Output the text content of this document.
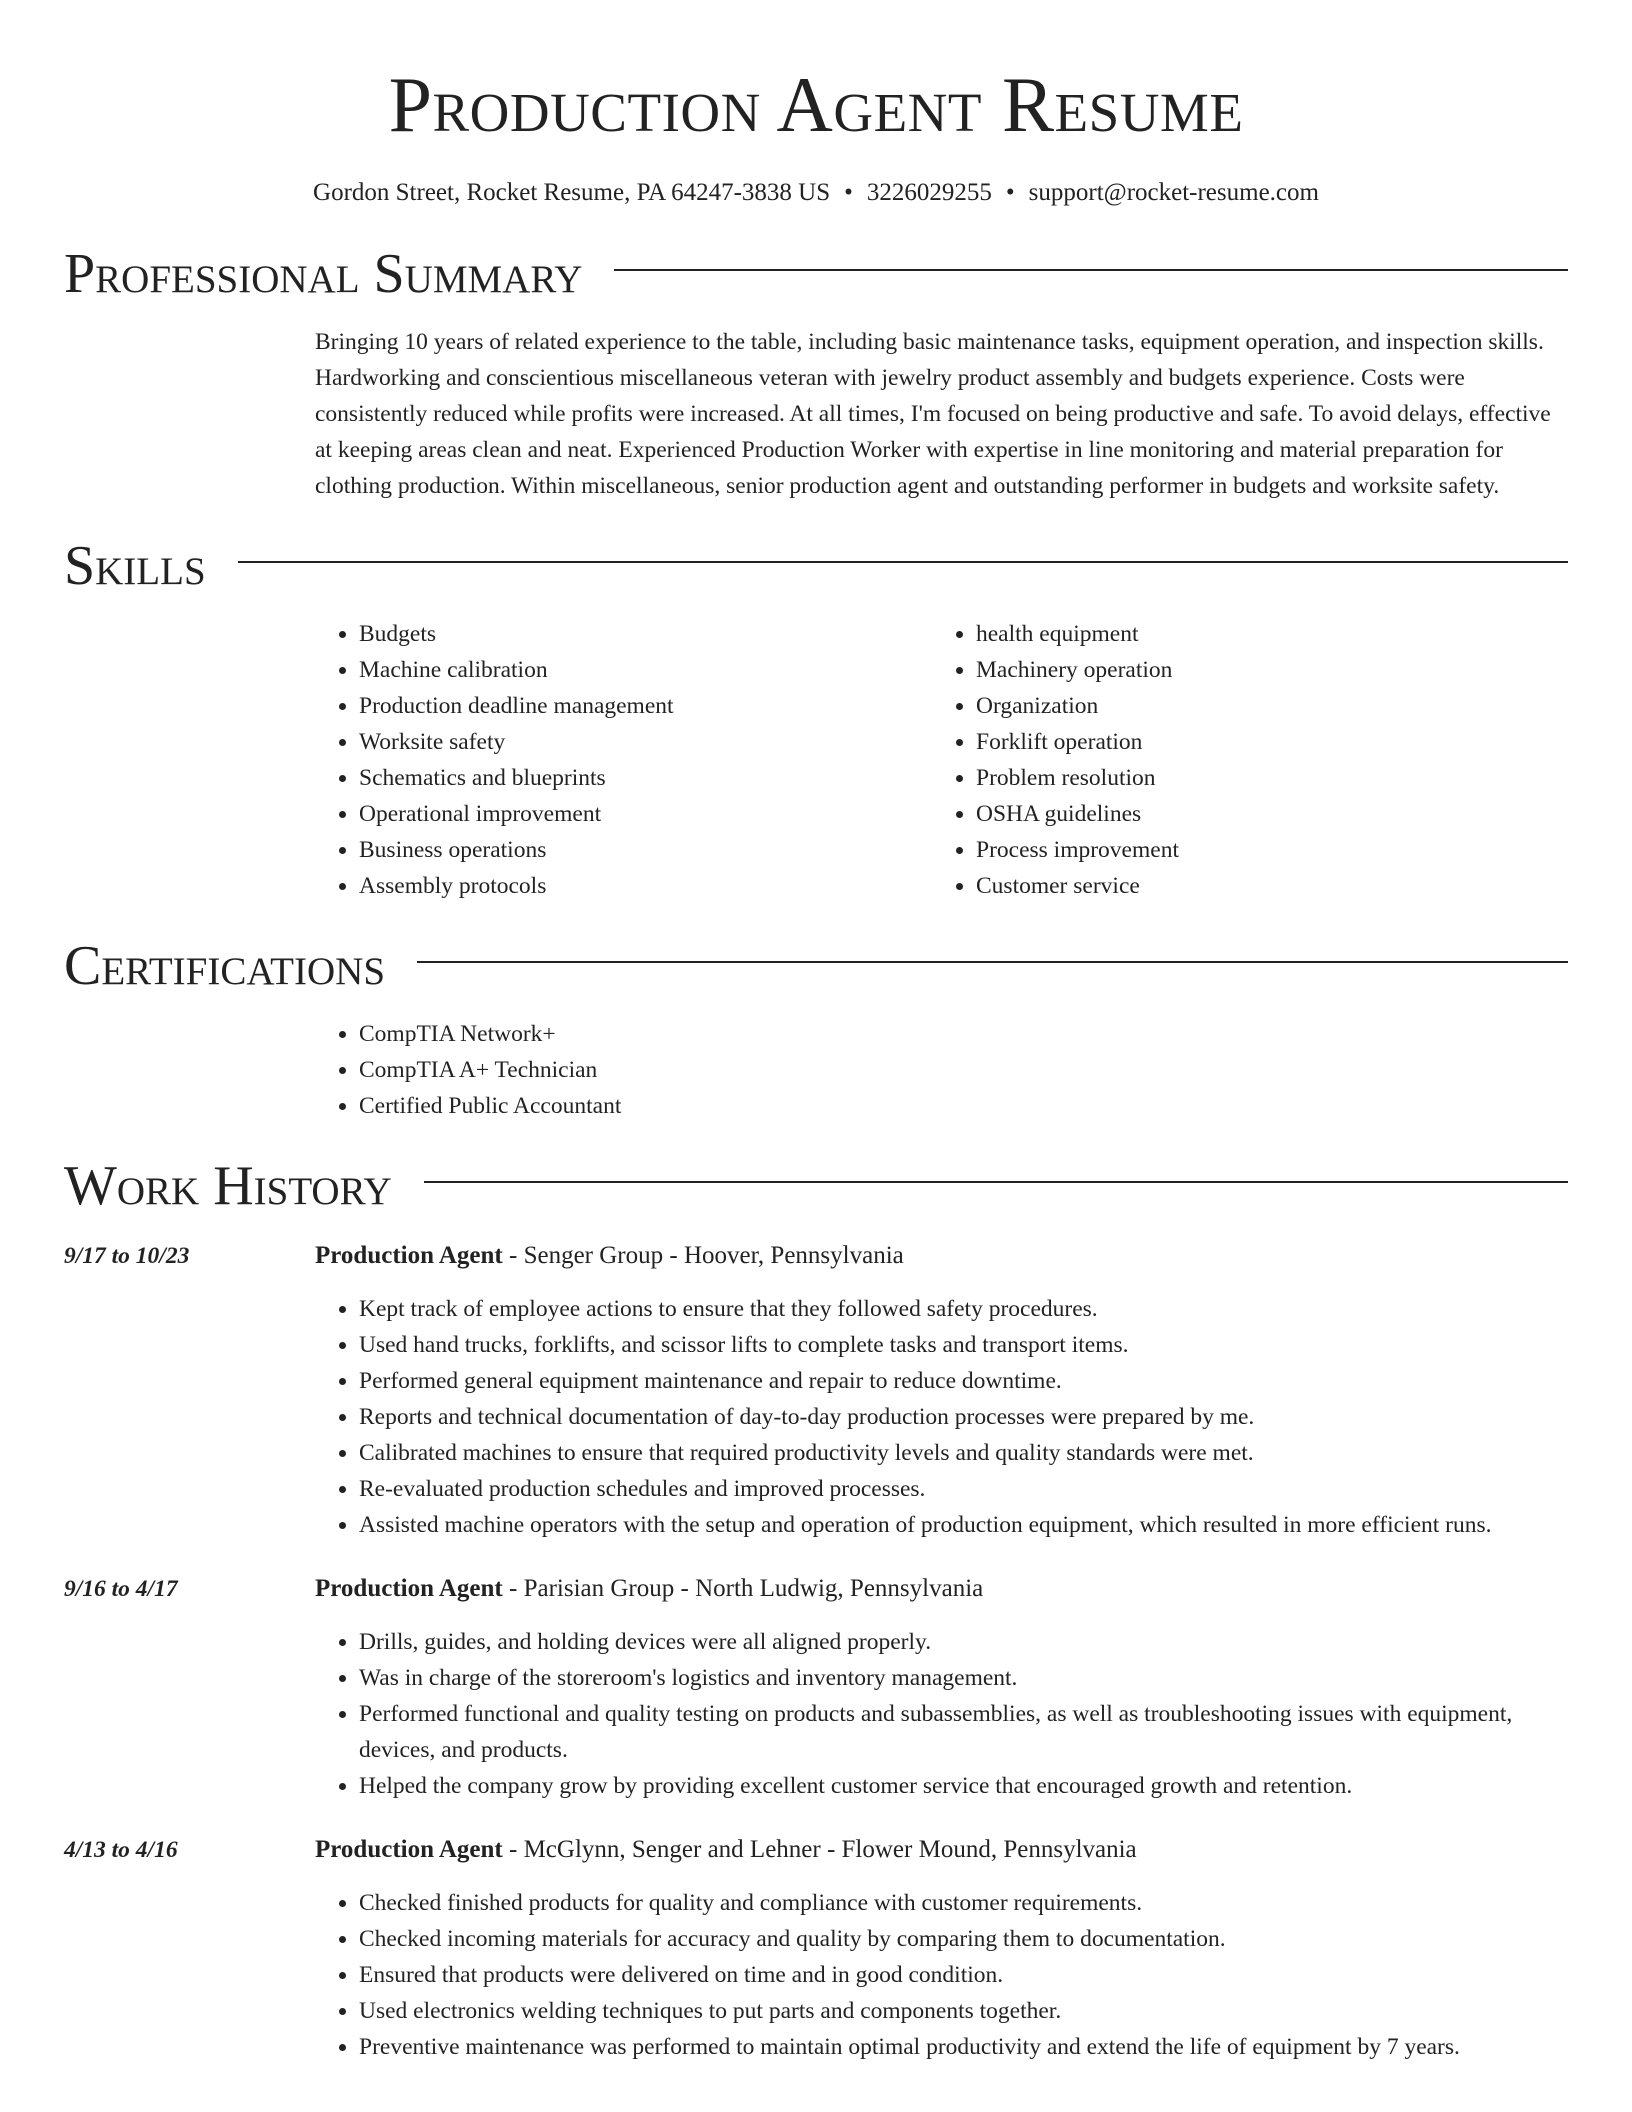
Production Agent Resume
Gordon Street, Rocket Resume, PA 64247-3838 US • 3226029255 • support@rocket-resume.com
Professional Summary

Bringing 10 years of related experience to the table, including basic maintenance tasks, equipment operation, and inspection skills. Hardworking and conscientious miscellaneous veteran with jewelry product assembly and budgets experience. Costs were consistently reduced while profits were increased. At all times, I'm focused on being productive and safe. To avoid delays, effective at keeping areas clean and neat. Experienced Production Worker with expertise in line monitoring and material preparation for clothing production. Within miscellaneous, senior production agent and outstanding performer in budgets and worksite safety.

Skills
• Budgets
• Machine calibration
• Production deadline management
• Worksite safety
• Schematics and blueprints
• Operational improvement
• Business operations
• Assembly protocols
• health equipment
• Machinery operation
• Organization
• Forklift operation
• Problem resolution
• OSHA guidelines
• Process improvement
• Customer service
Certifications
• CompTIA Network+
• CompTIA A+ Technician
• Certified Public Accountant
Work History
9/17 to 10/23	Production Agent - Senger Group - Hoover, Pennsylvania
• Kept track of employee actions to ensure that they followed safety procedures.
• Used hand trucks, forklifts, and scissor lifts to complete tasks and transport items.
• Performed general equipment maintenance and repair to reduce downtime.
• Reports and technical documentation of day-to-day production processes were prepared by me.
• Calibrated machines to ensure that required productivity levels and quality standards were met.
• Re-evaluated production schedules and improved processes.
• Assisted machine operators with the setup and operation of production equipment, which resulted in more efficient runs.
9/16 to 4/17	Production Agent - Parisian Group - North Ludwig, Pennsylvania
• Drills, guides, and holding devices were all aligned properly.
• Was in charge of the storeroom's logistics and inventory management.
• Performed functional and quality testing on products and subassemblies, as well as troubleshooting issues with equipment, devices, and products.
• Helped the company grow by providing excellent customer service that encouraged growth and retention.
4/13 to 4/16	Production Agent - McGlynn, Senger and Lehner - Flower Mound, Pennsylvania
• Checked finished products for quality and compliance with customer requirements.
• Checked incoming materials for accuracy and quality by comparing them to documentation.
• Ensured that products were delivered on time and in good condition.
• Used electronics welding techniques to put parts and components together.
• Preventive maintenance was performed to maintain optimal productivity and extend the life of equipment by 7 years.
